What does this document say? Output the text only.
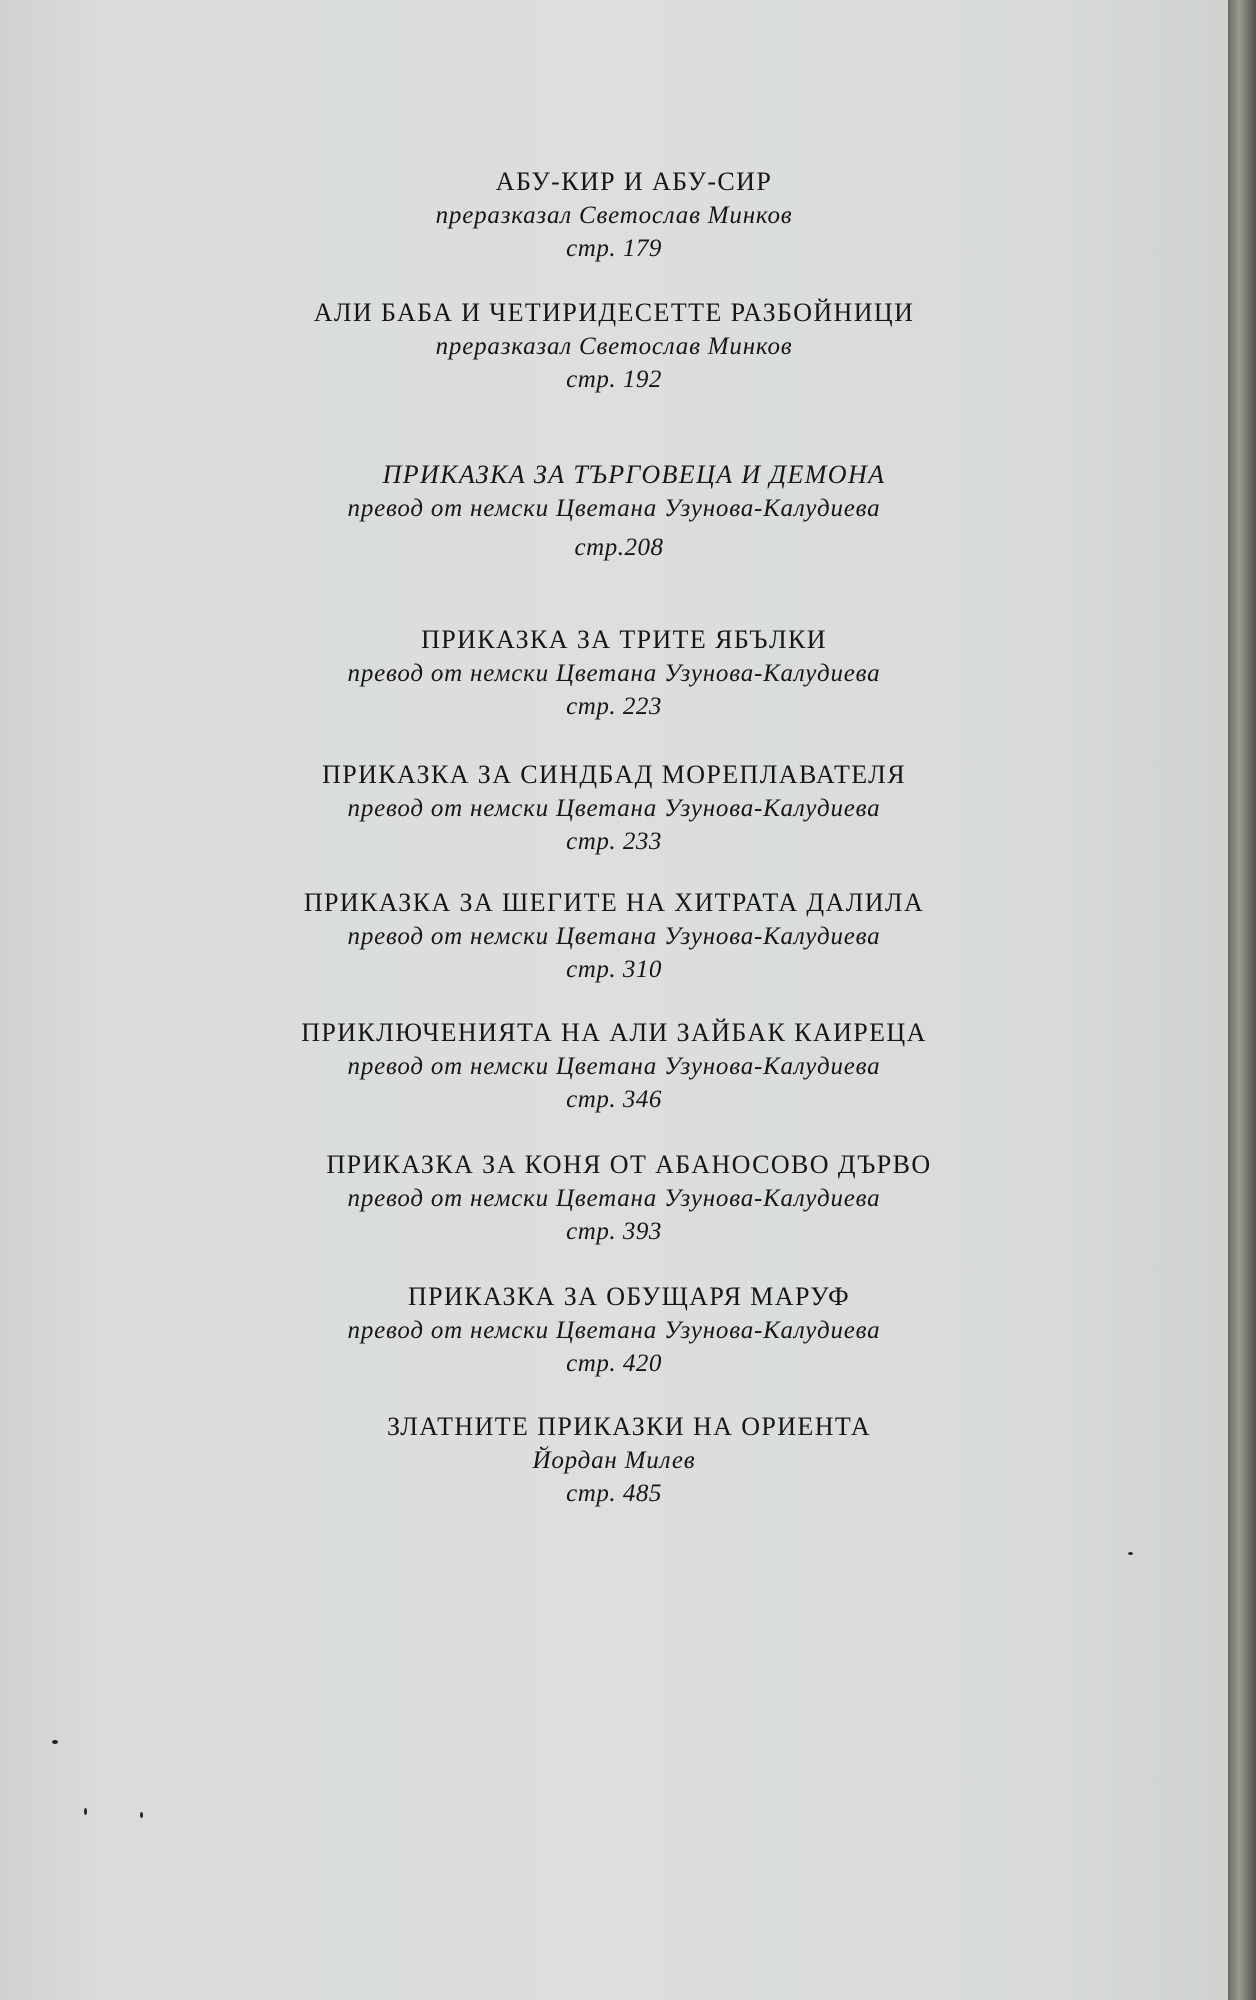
АБУ-КИР И АБУ-СИР
преразказал Светослав Минков
стр. 179
АЛИ БАБА И ЧЕТИРИДЕСЕТТЕ РАЗБОЙНИЦИ
преразказал Светослав Минков
стр. 192
ПРИКАЗКА ЗА ТЪРГОВЕЦА И ДЕМОНА
превод от немски Цветана Узунова-Калудиева
стр.208
ПРИКАЗКА ЗА ТРИТЕ ЯБЪЛКИ
превод от немски Цветана Узунова-Калудиева
стр. 223
ПРИКАЗКА ЗА СИНДБАД МОРЕПЛАВАТЕЛЯ
превод от немски Цветана Узунова-Калудиева
стр. 233
ПРИКАЗКА ЗА ШЕГИТЕ НА ХИТРАТА ДАЛИЛА
превод от немски Цветана Узунова-Калудиева
стр. 310
ПРИКЛЮЧЕНИЯТА НА АЛИ ЗАЙБАК КАИРЕЦА
превод от немски Цветана Узунова-Калудиева
стр. 346
ПРИКАЗКА ЗА КОНЯ ОТ АБАНОСОВО ДЪРВО
превод от немски Цветана Узунова-Калудиева
стр. 393
ПРИКАЗКА ЗА ОБУЩАРЯ МАРУФ
превод от немски Цветана Узунова-Калудиева
стр. 420
ЗЛАТНИТЕ ПРИКАЗКИ НА ОРИЕНТА
Йордан Милев
стр. 485
